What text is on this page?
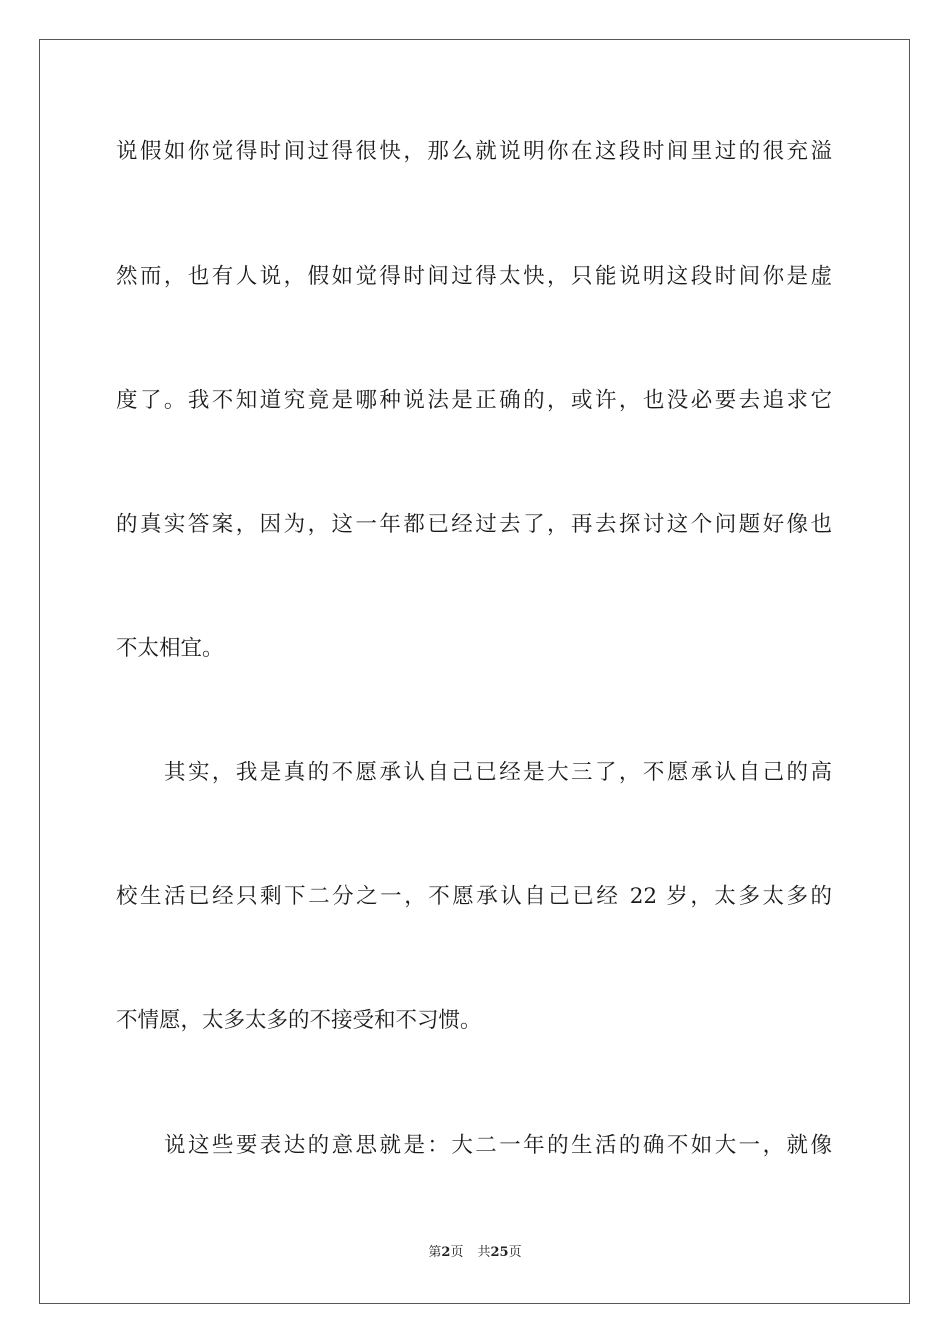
说假如你觉得时间过得很快，那么就说明你在这段时间里过的很充溢
然而，也有人说，假如觉得时间过得太快，只能说明这段时间你是虚
度了。我不知道究竟是哪种说法是正确的，或许，也没必要去追求它
的真实答案，因为，这一年都已经过去了，再去探讨这个问题好像也
不太相宜。
其实，我是真的不愿承认自己已经是大三了，不愿承认自己的高
校生活已经只剩下二分之一，不愿承认自己已经 22 岁，太多太多的
不情愿，太多太多的不接受和不习惯。
说这些要表达的意思就是：大二一年的生活的确不如大一，就像
第2页 共25页
